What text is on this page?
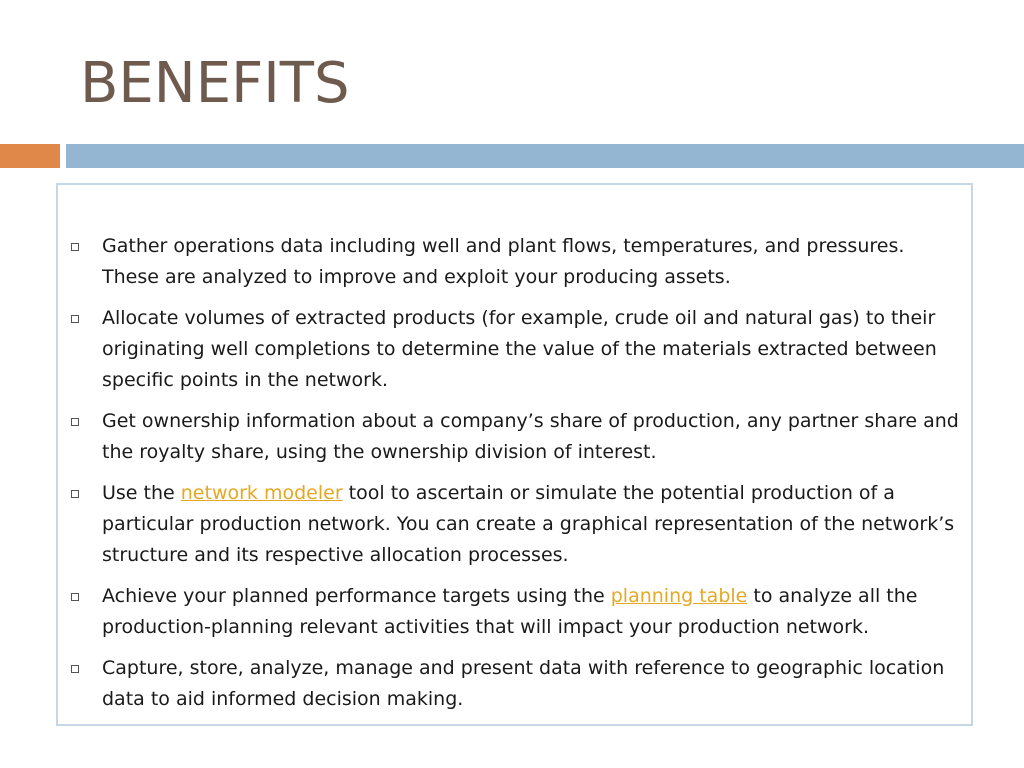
BENEFITS
Gather operations data including well and plant flows, temperatures, and pressures. These are analyzed to improve and exploit your producing assets.
Allocate volumes of extracted products (for example, crude oil and natural gas) to their originating well completions to determine the value of the materials extracted between specific points in the network.
Get ownership information about a company’s share of production, any partner share and the royalty share, using the ownership division of interest.
Use the network modeler tool to ascertain or simulate the potential production of a particular production network. You can create a graphical representation of the network’s structure and its respective allocation processes.
Achieve your planned performance targets using the planning table to analyze all the production-planning relevant activities that will impact your production network.
Capture, store, analyze, manage and present data with reference to geographic location data to aid informed decision making.
